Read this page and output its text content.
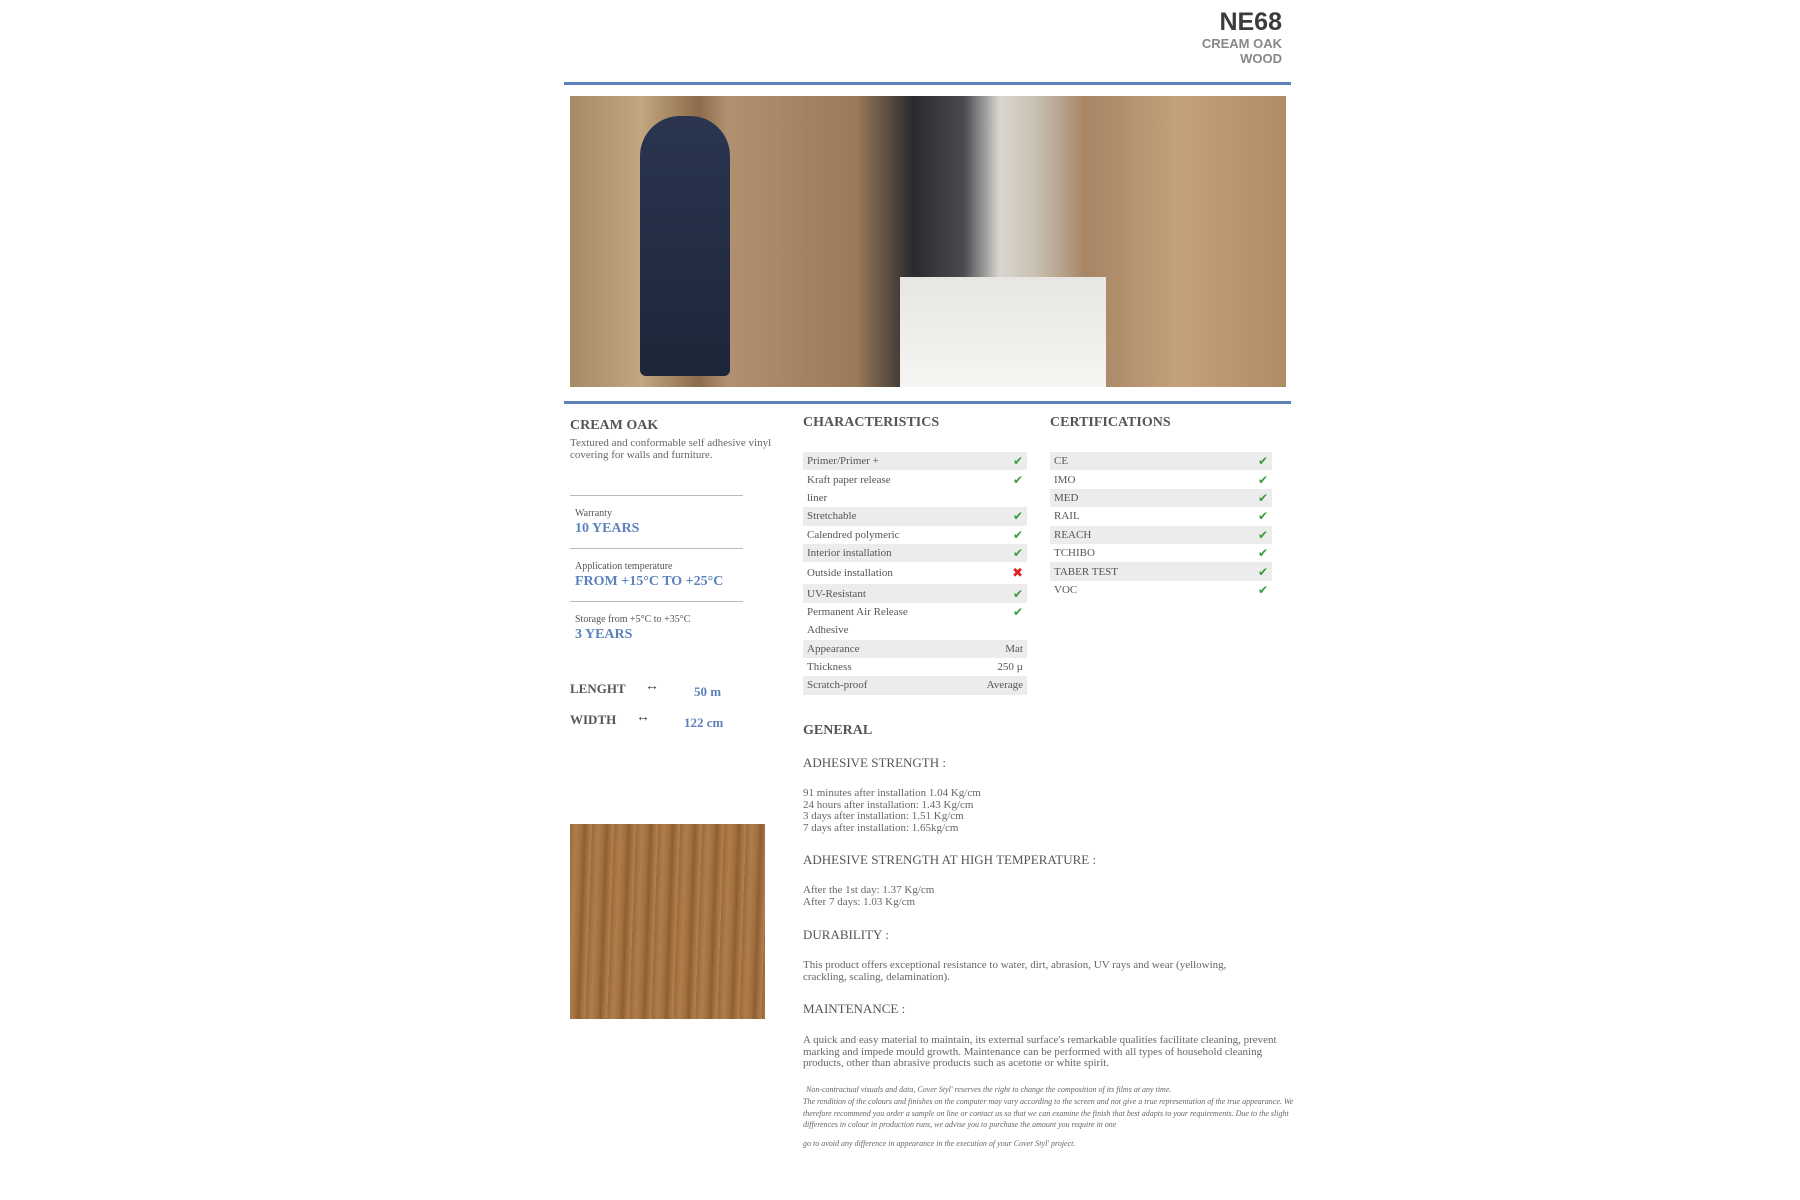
NE68
CREAM OAK
WOOD
CREAM OAK
Textured and conformable self adhesive vinyl covering for walls and furniture.
Warranty
10 YEARS
Application temperature
FROM +15°C TO +25°C
Storage from +5°C to +35°C
3 YEARS
LENGHT ↔	50 m
WIDTH ↔	122 cm
CHARACTERISTICS
Primer/Primer +	✔
Kraft paper release	✔
liner
Stretchable	✔
Calendred polymeric	✔
Interior installation	✔
Outside installation	✖
UV-Resistant	✔
Permanent Air Release	✔
Adhesive
Appearance	Mat
Thickness	250 µ
Scratch-proof	Average
CERTIFICATIONS
CE	✔
IMO	✔
MED	✔
RAIL	✔
REACH	✔
TCHIBO	✔
TABER TEST	✔
VOC	✔
GENERAL
ADHESIVE STRENGTH :
91 minutes after installation 1.04 Kg/cm
24 hours after installation: 1.43 Kg/cm
3 days after installation: 1.51 Kg/cm
7 days after installation: 1.65kg/cm
ADHESIVE STRENGTH AT HIGH TEMPERATURE :
After the 1st day: 1.37 Kg/cm
After 7 days: 1.03 Kg/cm
DURABILITY :
This product offers exceptional resistance to water, dirt, abrasion, UV rays and wear (yellowing, crackling, scaling, delamination).
MAINTENANCE :
A quick and easy material to maintain, its external surface's remarkable qualities facilitate cleaning, prevent marking and impede mould growth. Maintenance can be performed with all types of household cleaning products, other than abrasive products such as acetone or white spirit.
Non-contractual visuals and data, Cover Styl' reserves the right to change the composition of its films at any time.
The rendition of the colours and finishes on the computer may vary according to the screen and not give a true representation of the true appearance. We therefore recommend you order a sample on line or contact us so that we can examine the finish that best adapts to your requirements. Due to the slight differences in colour in production runs, we advise you to purchase the amount you require in one
go to avoid any difference in appearance in the execution of your Cover Styl' project.
